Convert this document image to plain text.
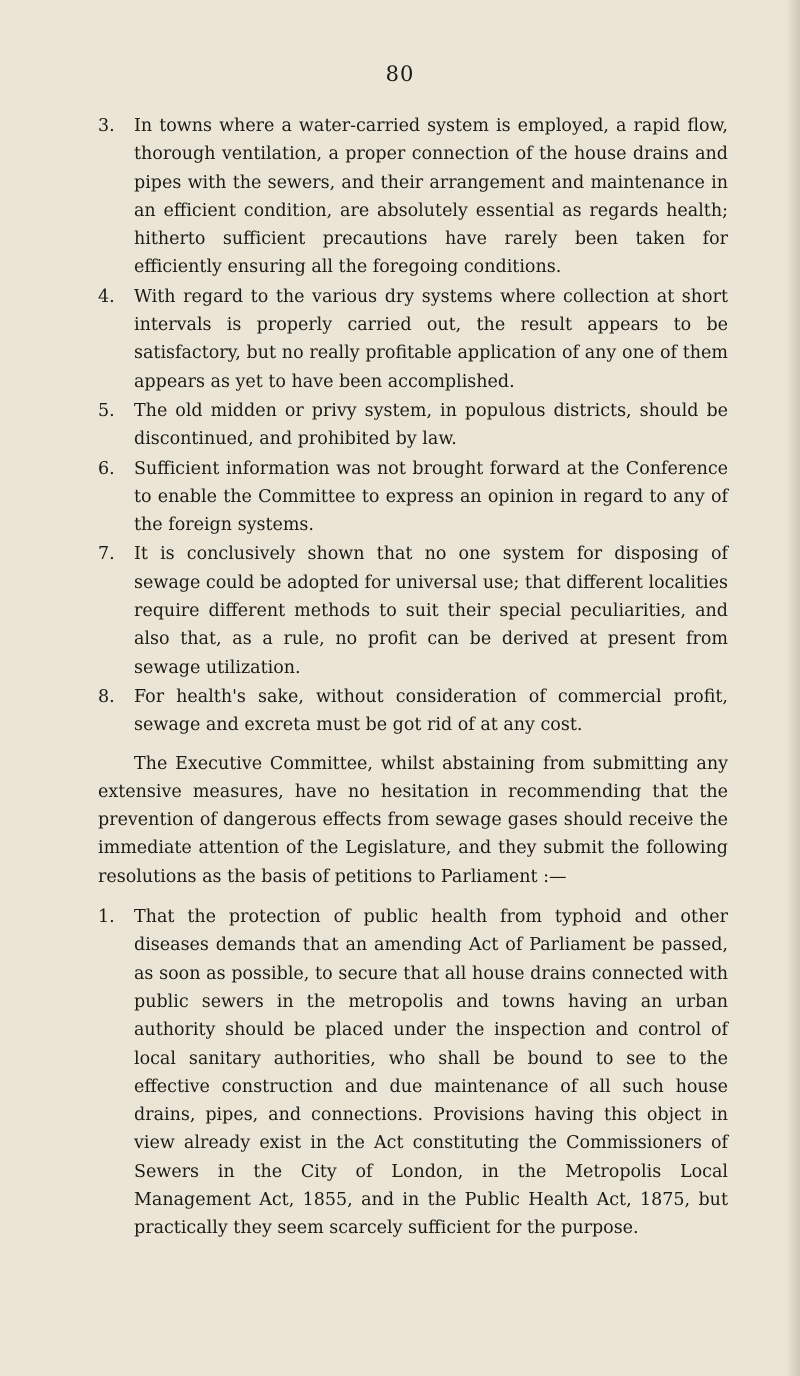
80
3. In towns where a water-carried system is employed, a rapid flow, thorough ventilation, a proper connection of the house drains and pipes with the sewers, and their arrangement and maintenance in an efficient condition, are absolutely essential as regards health; hitherto sufficient precautions have rarely been taken for efficiently ensuring all the foregoing conditions.
4. With regard to the various dry systems where collection at short intervals is properly carried out, the result appears to be satisfactory, but no really profitable application of any one of them appears as yet to have been accomplished.
5. The old midden or privy system, in populous districts, should be discontinued, and prohibited by law.
6. Sufficient information was not brought forward at the Conference to enable the Committee to express an opinion in regard to any of the foreign systems.
7. It is conclusively shown that no one system for disposing of sewage could be adopted for universal use; that different localities require different methods to suit their special peculiarities, and also that, as a rule, no profit can be derived at present from sewage utilization.
8. For health's sake, without consideration of commercial profit, sewage and excreta must be got rid of at any cost.

The Executive Committee, whilst abstaining from submitting any extensive measures, have no hesitation in recommending that the prevention of dangerous effects from sewage gases should receive the immediate attention of the Legislature, and they submit the following resolutions as the basis of petitions to Parliament :—

1. That the protection of public health from typhoid and other diseases demands that an amending Act of Parliament be passed, as soon as possible, to secure that all house drains connected with public sewers in the metropolis and towns having an urban authority should be placed under the inspection and control of local sanitary authorities, who shall be bound to see to the effective construction and due maintenance of all such house drains, pipes, and connections. Provisions having this object in view already exist in the Act constituting the Commissioners of Sewers in the City of London, in the Metropolis Local Management Act, 1855, and in the Public Health Act, 1875, but practically they seem scarcely sufficient for the purpose.
